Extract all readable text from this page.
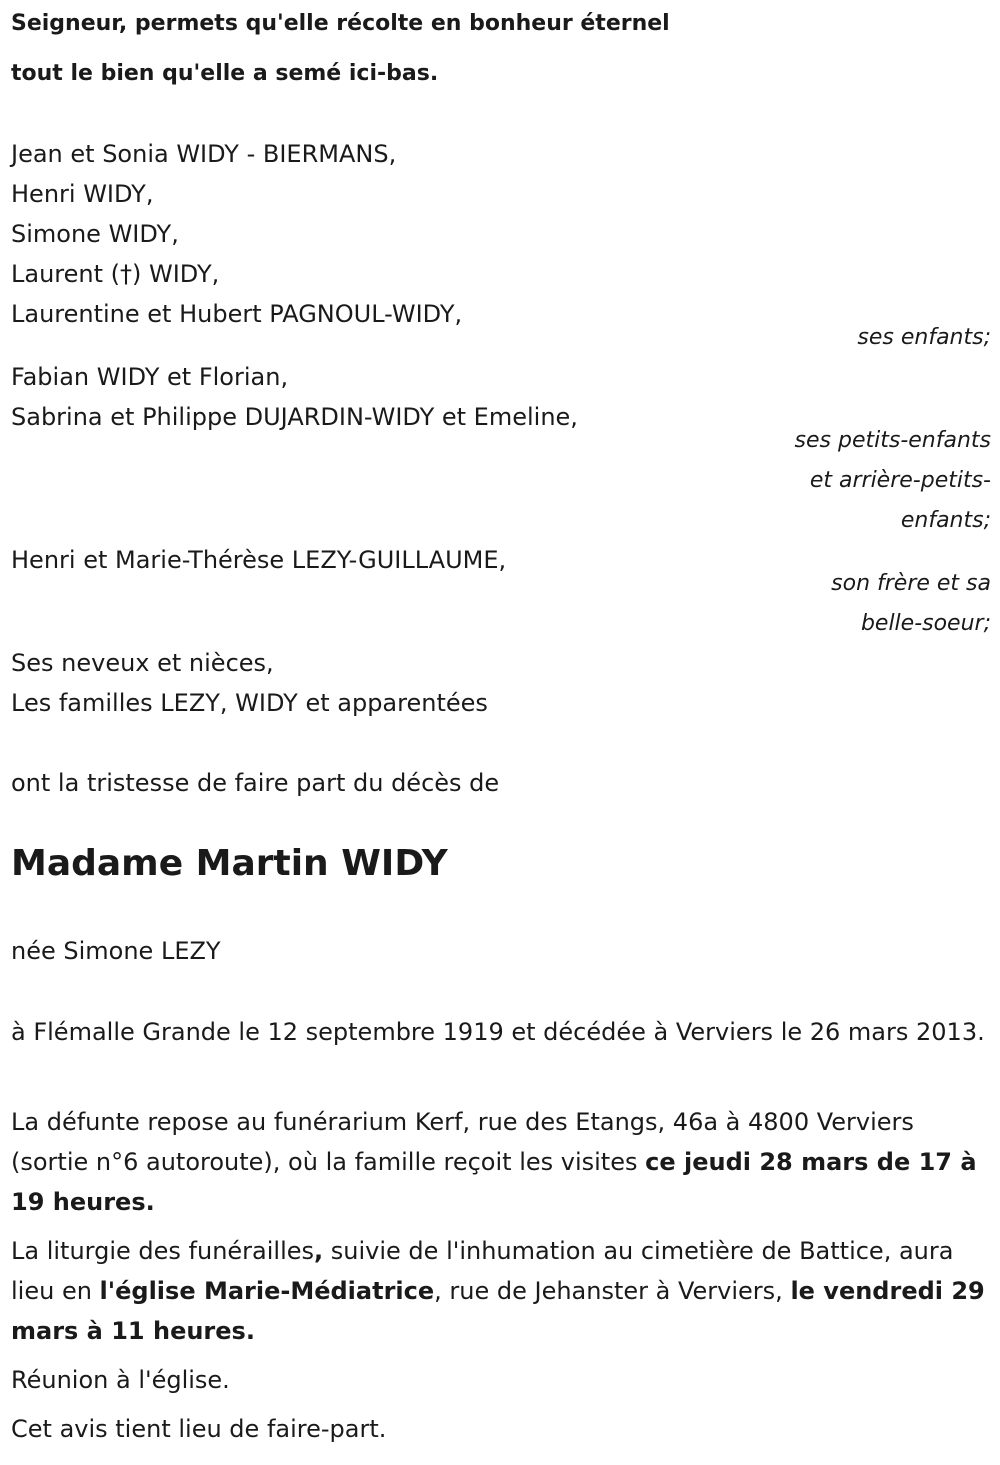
Seigneur, permets qu'elle récolte en bonheur éternel
tout le bien qu'elle a semé ici-bas.
Jean et Sonia WIDY - BIERMANS,
Henri WIDY,
Simone WIDY,
Laurent (†) WIDY,
Laurentine et Hubert PAGNOUL-WIDY,
ses enfants;
Fabian WIDY et Florian,
Sabrina et Philippe DUJARDIN-WIDY et Emeline,
ses petits-enfants
et arrière-petits-
enfants;
Henri et Marie-Thérèse LEZY-GUILLAUME,
son frère et sa
belle-soeur;
Ses neveux et nièces,
Les familles LEZY, WIDY et apparentées
ont la tristesse de faire part du décès de
Madame Martin WIDY
née Simone LEZY
à Flémalle Grande le 12 septembre 1919 et décédée à Verviers le 26 mars 2013.
La défunte repose au funérarium Kerf, rue des Etangs, 46a à 4800 Verviers (sortie n°6 autoroute), où la famille reçoit les visites ce jeudi 28 mars de 17 à 19 heures.
La liturgie des funérailles, suivie de l'inhumation au cimetière de Battice, aura lieu en l'église Marie-Médiatrice, rue de Jehanster à Verviers, le vendredi 29 mars à 11 heures.
Réunion à l'église.
Cet avis tient lieu de faire-part.
